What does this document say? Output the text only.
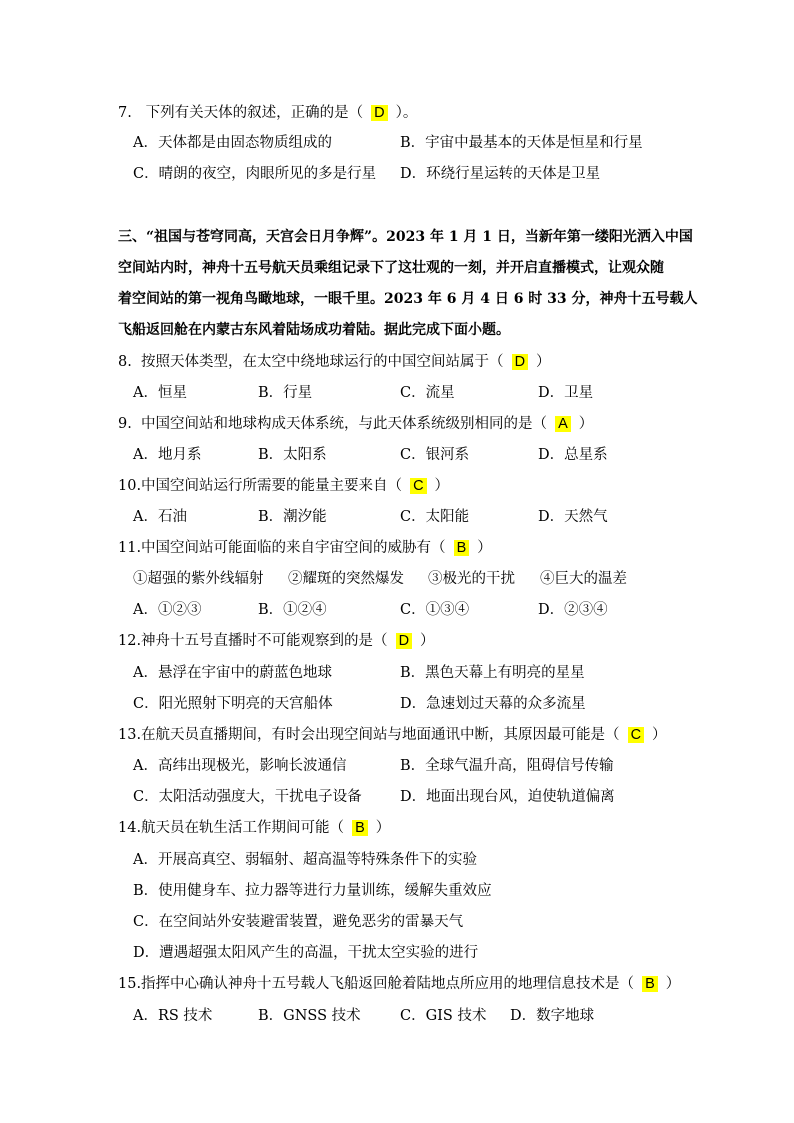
7.   下列有关天体的叙述，正确的是（ D ）。
A．天体都是由固态物质组成的	B．宇宙中最基本的天体是恒星和行星
C．晴朗的夜空，肉眼所见的多是行星 D．环绕行星运转的天体是卫星
三、“祖国与苍穹同高，天宫会日月争辉”。2023 年 1 月 1 日，当新年第一缕阳光洒入中国
空间站内时，神舟十五号航天员乘组记录下了这壮观的一刻，并开启直播模式，让观众随
着空间站的第一视角鸟瞰地球，一眼千里。2023 年 6 月 4 日 6 时 33 分，神舟十五号载人
飞船返回舱在内蒙古东风着陆场成功着陆。据此完成下面小题。
8.  按照天体类型，在太空中绕地球运行的中国空间站属于（ D ）
A．恒星	B．行星	C．流星	D．卫星
9.  中国空间站和地球构成天体系统，与此天体系统级别相同的是（ A ）
A．地月系	B．太阳系	C．银河系	D．总星系
10.中国空间站运行所需要的能量主要来自（ C ）
A．石油	B．潮汐能	C．太阳能	D．天然气
11.中国空间站可能面临的来自宇宙空间的威胁有（ B ）
①超强的紫外线辐射 ②耀斑的突然爆发 ③极光的干扰 ④巨大的温差
A．①②③	B．①②④	C．①③④	D．②③④
12.神舟十五号直播时不可能观察到的是（ D ）
A．悬浮在宇宙中的蔚蓝色地球	B．黑色天幕上有明亮的星星
C．阳光照射下明亮的天宫船体	D．急速划过天幕的众多流星
13.在航天员直播期间，有时会出现空间站与地面通讯中断，其原因最可能是（ C ）
A．高纬出现极光，影响长波通信	B．全球气温升高，阻碍信号传输
C．太阳活动强度大，干扰电子设备	D．地面出现台风，迫使轨道偏离
14.航天员在轨生活工作期间可能（ B ）
A．开展高真空、弱辐射、超高温等特殊条件下的实验
B．使用健身车、拉力器等进行力量训练，缓解失重效应
C．在空间站外安装避雷装置，避免恶劣的雷暴天气
D．遭遇超强太阳风产生的高温，干扰太空实验的进行
15.指挥中心确认神舟十五号载人飞船返回舱着陆地点所应用的地理信息技术是（ B ）
A．RS 技术	B．GNSS 技术	C．GIS 技术 D．数字地球
